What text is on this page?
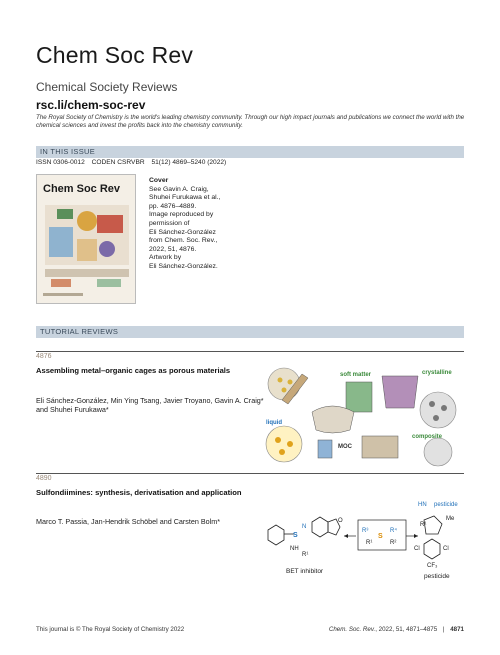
Chem Soc Rev
Chemical Society Reviews
rsc.li/chem-soc-rev
The Royal Society of Chemistry is the world's leading chemistry community. Through our high impact journals and publications we connect the world with the chemical sciences and invest the profits back into the chemistry community.
IN THIS ISSUE
ISSN 0306-0012 CODEN CSRVBR 51(12) 4869–5240 (2022)
Chem Soc Rev
Cover
See Gavin A. Craig,
Shuhei Furukawa et al.,
pp. 4876–4889.
Image reproduced by
permission of
Eli Sánchez-González
from Chem. Soc. Rev.,
2022, 51, 4876.
Artwork by
Eli Sánchez-González.
TUTORIAL REVIEWS
4876
Assembling metal–organic cages as porous materials
Eli Sánchez-González, Min Ying Tsang, Javier Troyano, Gavin A. Craig* and Shuhei Furukawa*
soft matter	crystalline
liquid
MOC
composite
4890
Sulfondiimines: synthesis, derivatisation and application
Marco T. Passia, Jan-Hendrik Schöbel and Carsten Bolm*
S
N
NH
R¹
O
BET inhibitor
R³	R⁴
R¹	R²
S
HN pesticide
Me
R¹
Cl	Cl
CF₃
pesticide
This journal is © The Royal Society of Chemistry 2022	Chem. Soc. Rev., 2022, 51, 4871–4875 | 4871
